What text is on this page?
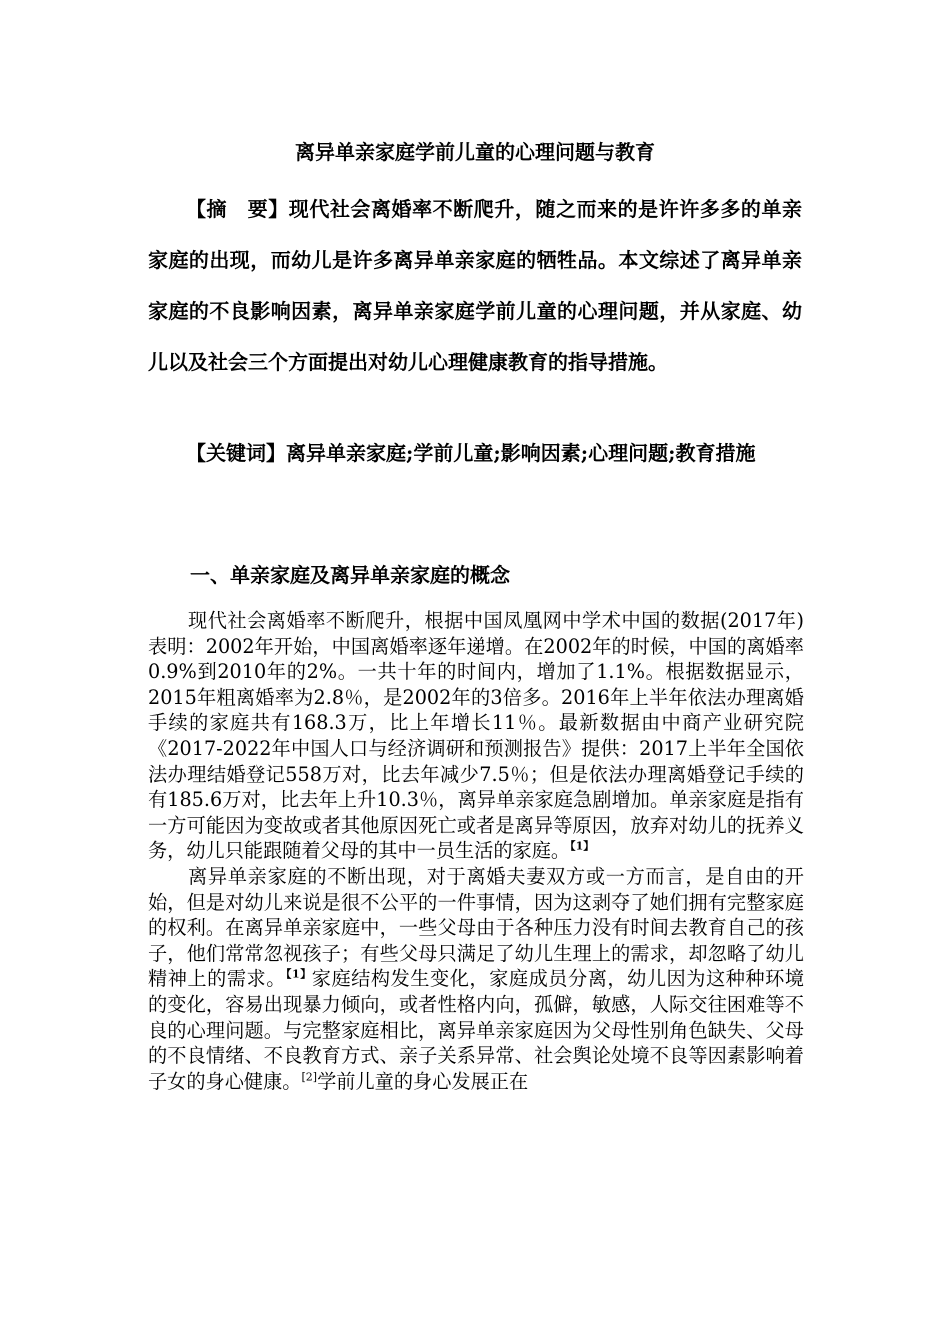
离异单亲家庭学前儿童的心理问题与教育

【摘　要】现代社会离婚率不断爬升，随之而来的是许许多多的单亲家庭的出现，而幼儿是许多离异单亲家庭的牺牲品。本文综述了离异单亲家庭的不良影响因素，离异单亲家庭学前儿童的心理问题，并从家庭、幼儿以及社会三个方面提出对幼儿心理健康教育的指导措施。

【关键词】离异单亲家庭;学前儿童;影响因素;心理问题;教育措施

一、单亲家庭及离异单亲家庭的概念

现代社会离婚率不断爬升，根据中国凤凰网中学术中国的数据(2017年)表明：2002年开始，中国离婚率逐年递增。在2002年的时候，中国的离婚率0.9%到2010年的2%。一共十年的时间内，增加了1.1%。根据数据显示，2015年粗离婚率为2.8％，是2002年的3倍多。2016年上半年依法办理离婚手续的家庭共有168.3万，比上年增长11％。最新数据由中商产业研究院《2017-2022年中国人口与经济调研和预测报告》提供：2017上半年全国依法办理结婚登记558万对，比去年减少7.5％；但是依法办理离婚登记手续的有185.6万对，比去年上升10.3％，离异单亲家庭急剧增加。单亲家庭是指有一方可能因为变故或者其他原因死亡或者是离异等原因，放弃对幼儿的抚养义务，幼儿只能跟随着父母的其中一员生活的家庭。$^{【1】}$

离异单亲家庭的不断出现，对于离婚夫妻双方或一方而言，是自由的开始，但是对幼儿来说是很不公平的一件事情，因为这剥夺了她们拥有完整家庭的权利。在离异单亲家庭中，一些父母由于各种压力没有时间去教育自己的孩子，他们常常忽视孩子；有些父母只满足了幼儿生理上的需求，却忽略了幼儿精神上的需求。$^{【1】}$家庭结构发生变化，家庭成员分离，幼儿因为这种种环境的变化，容易出现暴力倾向，或者性格内向，孤僻，敏感，人际交往困难等不良的心理问题。与完整家庭相比，离异单亲家庭因为父母性别角色缺失、父母的不良情绪、不良教育方式、亲子关系异常、社会舆论处境不良等因素影响着子女的身心健康。[2]学前儿童的身心发展正在
